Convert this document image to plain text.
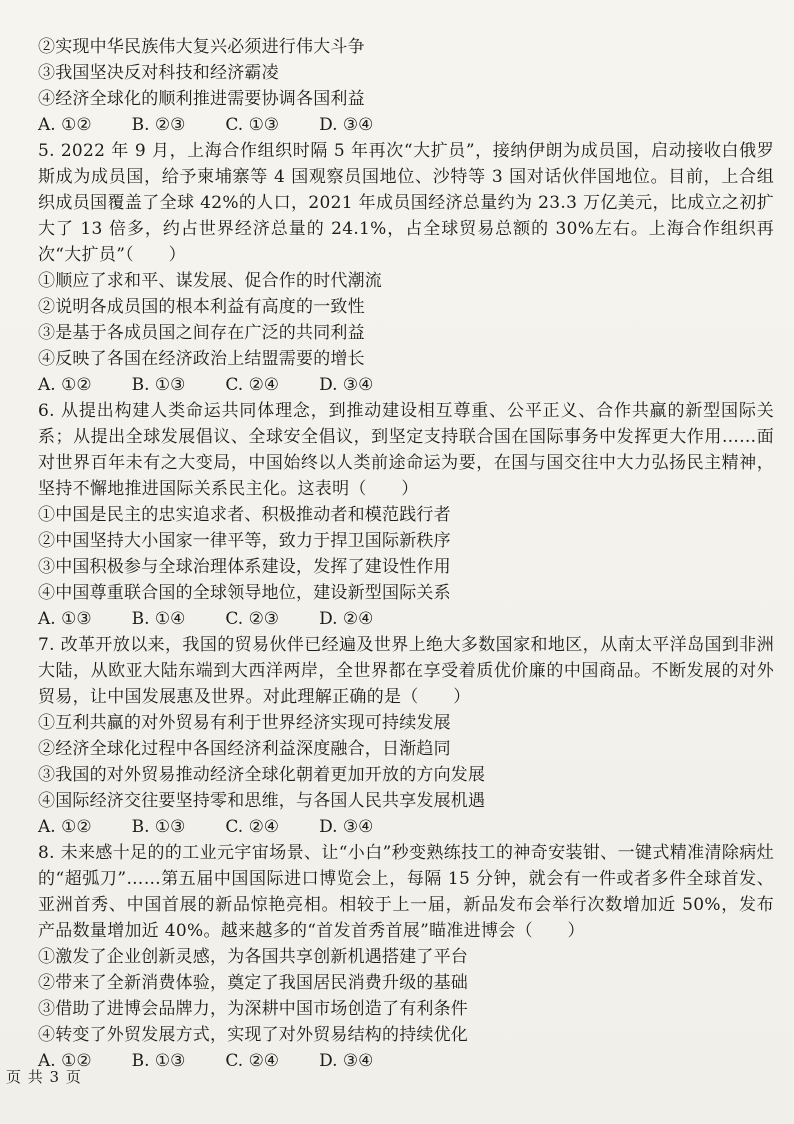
②实现中华民族伟大复兴必须进行伟大斗争
③我国坚决反对科技和经济霸凌
④经济全球化的顺利推进需要协调各国利益
A. ①② B. ②③ C. ①③ D. ③④
5. 2022 年 9 月，上海合作组织时隔 5 年再次“大扩员”，接纳伊朗为成员国，启动接收白俄罗斯成为成员国，给予柬埔寨等 4 国观察员国地位、沙特等 3 国对话伙伴国地位。目前，上合组织成员国覆盖了全球 42%的人口，2021 年成员国经济总量约为 23.3 万亿美元，比成立之初扩大了 13 倍多，约占世界经济总量的 24.1%，占全球贸易总额的 30%左右。上海合作组织再次“大扩员”（　　）
①顺应了求和平、谋发展、促合作的时代潮流
②说明各成员国的根本利益有高度的一致性
③是基于各成员国之间存在广泛的共同利益
④反映了各国在经济政治上结盟需要的增长
A. ①② B. ①③ C. ②④ D. ③④
6. 从提出构建人类命运共同体理念，到推动建设相互尊重、公平正义、合作共赢的新型国际关系；从提出全球发展倡议、全球安全倡议，到坚定支持联合国在国际事务中发挥更大作用……面对世界百年未有之大变局，中国始终以人类前途命运为要，在国与国交往中大力弘扬民主精神，坚持不懈地推进国际关系民主化。这表明（　　）
①中国是民主的忠实追求者、积极推动者和模范践行者
②中国坚持大小国家一律平等，致力于捍卫国际新秩序
③中国积极参与全球治理体系建设，发挥了建设性作用
④中国尊重联合国的全球领导地位，建设新型国际关系
A. ①③ B. ①④ C. ②③ D. ②④
7. 改革开放以来，我国的贸易伙伴已经遍及世界上绝大多数国家和地区，从南太平洋岛国到非洲大陆，从欧亚大陆东端到大西洋两岸，全世界都在享受着质优价廉的中国商品。不断发展的对外贸易，让中国发展惠及世界。对此理解正确的是（　　）
①互利共赢的对外贸易有利于世界经济实现可持续发展
②经济全球化过程中各国经济利益深度融合，日渐趋同
③我国的对外贸易推动经济全球化朝着更加开放的方向发展
④国际经济交往要坚持零和思维，与各国人民共享发展机遇
A. ①② B. ①③ C. ②④ D. ③④
8. 未来感十足的的工业元宇宙场景、让“小白”秒变熟练技工的神奇安装钳、一键式精准清除病灶的“超弧刀”……第五届中国国际进口博览会上，每隔 15 分钟，就会有一件或者多件全球首发、亚洲首秀、中国首展的新品惊艳亮相。相较于上一届，新品发布会举行次数增加近 50%，发布产品数量增加近 40%。越来越多的“首发首秀首展”瞄准进博会（　　）
①激发了企业创新灵感，为各国共享创新机遇搭建了平台
②带来了全新消费体验，奠定了我国居民消费升级的基础
③借助了进博会品牌力，为深耕中国市场创造了有利条件
④转变了外贸发展方式，实现了对外贸易结构的持续优化
A. ①② B. ①③ C. ②④ D. ③④
页 共 3 页
